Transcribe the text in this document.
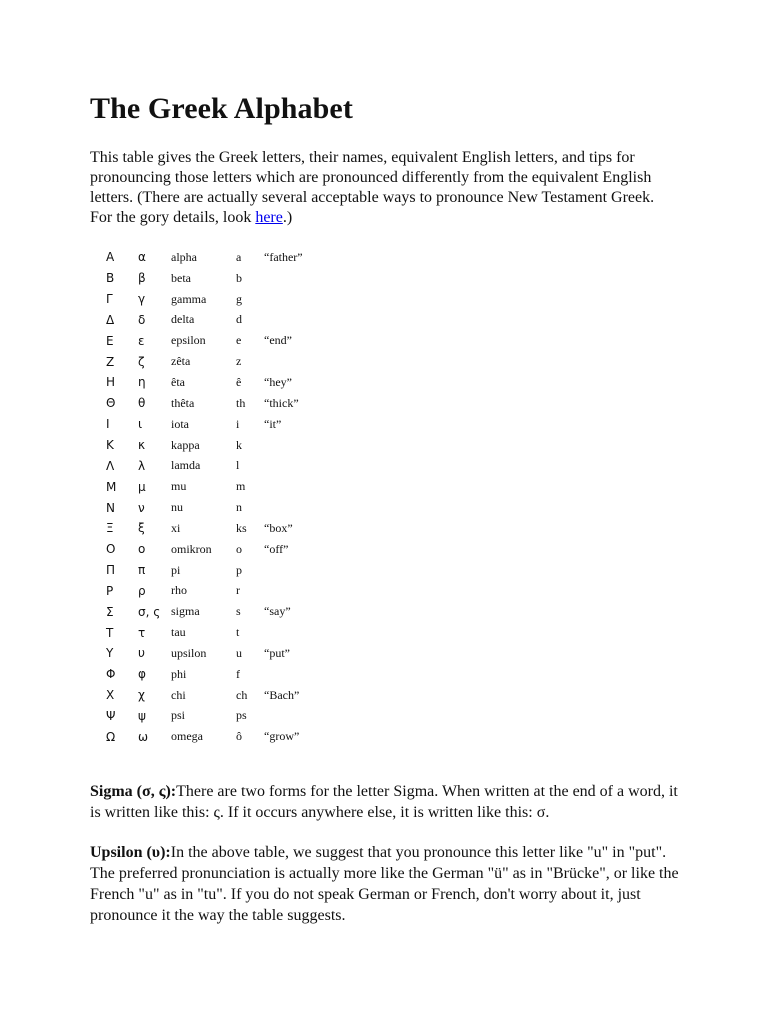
The Greek Alphabet

This table gives the Greek letters, their names, equivalent English letters, and tips for pronouncing those letters which are pronounced differently from the equivalent English letters. (There are actually several acceptable ways to pronounce New Testament Greek. For the gory details, look here.)

Α	α	alpha	a	“father”
Β	β	beta	b	
Γ	γ	gamma	g	
Δ	δ	delta	d	
Ε	ε	epsilon	e	“end”
Ζ	ζ	zêta	z	
Η	η	êta	ê	“hey”
Θ	θ	thêta	th	“thick”
Ι	ι	iota	i	“it”
Κ	κ	kappa	k	
Λ	λ	lamda	l	
Μ	μ	mu	m	
Ν	ν	nu	n	
Ξ	ξ	xi	ks	“box”
Ο	ο	omikron	o	“off”
Π	π	pi	p	
Ρ	ρ	rho	r	
Σ	σ, ς	sigma	s	“say”
Τ	τ	tau	t	
Υ	υ	upsilon	u	“put”
Φ	φ	phi	f	
Χ	χ	chi	ch	“Bach”
Ψ	ψ	psi	ps	
Ω	ω	omega	ô	“grow”

Sigma (σ, ς):There are two forms for the letter Sigma. When written at the end of a word, it is written like this: ς. If it occurs anywhere else, it is written like this: σ.

Upsilon (υ):In the above table, we suggest that you pronounce this letter like "u" in "put". The preferred pronunciation is actually more like the German "ü" as in "Brücke", or like the French "u" as in "tu". If you do not speak German or French, don't worry about it, just pronounce it the way the table suggests.
